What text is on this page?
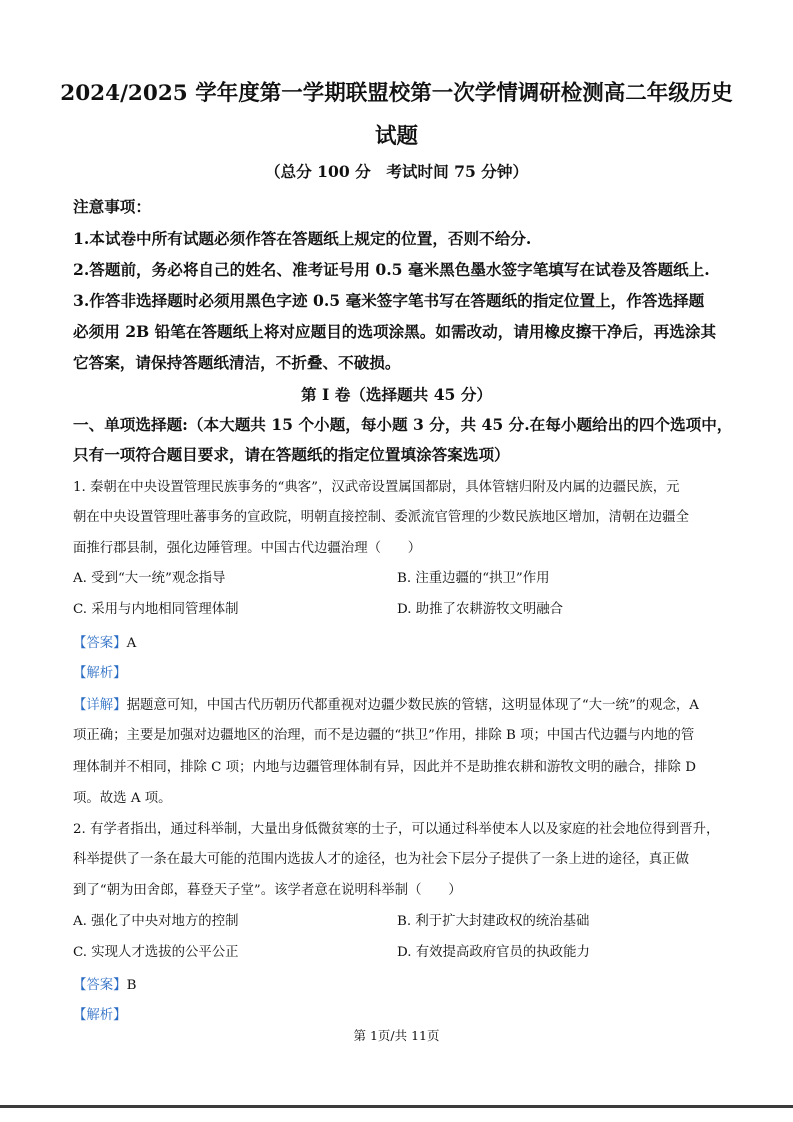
2024/2025 学年度第一学期联盟校第一次学情调研检测高二年级历史
试题
（总分 100 分　考试时间 75 分钟）
注意事项：
1.本试卷中所有试题必须作答在答题纸上规定的位置，否则不给分.
2.答题前，务必将自己的姓名、准考证号用 0.5 毫米黑色墨水签字笔填写在试卷及答题纸上.
3.作答非选择题时必须用黑色字迹 0.5 毫米签字笔书写在答题纸的指定位置上，作答选择题
必须用 2B 铅笔在答题纸上将对应题目的选项涂黑。如需改动，请用橡皮擦干净后，再选涂其
它答案，请保持答题纸清洁，不折叠、不破损。
第 I 卷（选择题共 45 分）
一、单项选择题:（本大题共 15 个小题，每小题 3 分，共 45 分.在每小题给出的四个选项中，
只有一项符合题目要求，请在答题纸的指定位置填涂答案选项）
1. 秦朝在中央设置管理民族事务的“典客”，汉武帝设置属国都尉，具体管辖归附及内属的边疆民族，元
朝在中央设置管理吐蕃事务的宣政院，明朝直接控制、委派流官管理的少数民族地区增加，清朝在边疆全
面推行郡县制，强化边陲管理。中国古代边疆治理（　　）
A. 受到“大一统”观念指导	B. 注重边疆的“拱卫”作用
C. 采用与内地相同管理体制	D. 助推了农耕游牧文明融合
【答案】A
【解析】
【详解】据题意可知，中国古代历朝历代都重视对边疆少数民族的管辖，这明显体现了“大一统”的观念，A
项正确；主要是加强对边疆地区的治理，而不是边疆的“拱卫”作用，排除 B 项；中国古代边疆与内地的管
理体制并不相同，排除 C 项；内地与边疆管理体制有异，因此并不是助推农耕和游牧文明的融合，排除 D
项。故选 A 项。
2. 有学者指出，通过科举制，大量出身低微贫寒的士子，可以通过科举使本人以及家庭的社会地位得到晋升，
科举提供了一条在最大可能的范围内选拔人才的途径，也为社会下层分子提供了一条上进的途径，真正做
到了“朝为田舍郎，暮登天子堂”。该学者意在说明科举制（　　）
A. 强化了中央对地方的控制	B. 利于扩大封建政权的统治基础
C. 实现人才选拔的公平公正	D. 有效提高政府官员的执政能力
【答案】B
【解析】
第 1页/共 11页
